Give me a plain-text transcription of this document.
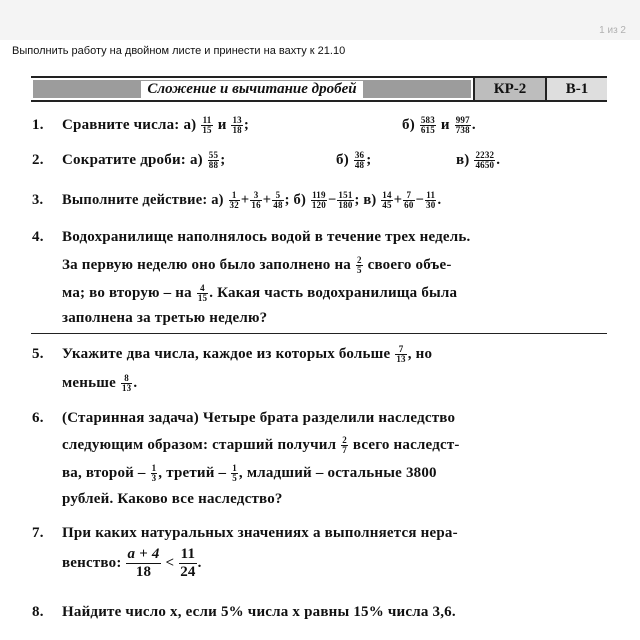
1 из 2
Выполнить работу на двойном листе и принести на вахту к 21.10
Сложение и вычитание дробей	КР-2	В-1
1. Сравните числа: $а) \frac{11}{15}$ и $\frac{13}{18}$ ;	$б) \frac{583}{615}$ и $\frac{997}{738}$ .
2. Сократите дроби: $а) \frac{55}{88}$ ;	$б) \frac{36}{48}$ ;	$в) \frac{2232}{4650}$ .
3. Выполните действие: $а) \frac{1}{32} + \frac{3}{16} + \frac{5}{48}$ ; $б) \frac{119}{120} - \frac{151}{180}$ ; $в) \frac{14}{45} + \frac{7}{60} - \frac{11}{30}$ .
4. Водохранилище наполнялось водой в течение трех недель.
За первую неделю оно было заполнено на $\frac{2}{5}$ своего объе-
ма; во вторую – на $\frac{4}{15}$ . Какая часть водохранилища была
заполнена за третью неделю?
5. Укажите два числа, каждое из которых больше $\frac{7}{13}$ , но
меньше $\frac{8}{13}$ .
6. (Старинная задача) Четыре брата разделили наследство
следующим образом: старший получил $\frac{2}{7}$ всего наследст-
ва, второй – $\frac{1}{3}$ , третий – $\frac{1}{5}$ , младший – остальные 3800
рублей. Каково все наследство?
7. При каких натуральных значениях a выполняется нера-
венство: $\frac{a + 4}{18} < \frac{11}{24}$ .
8. Найдите число x, если 5% числа x равны 15% числа 3,6.
